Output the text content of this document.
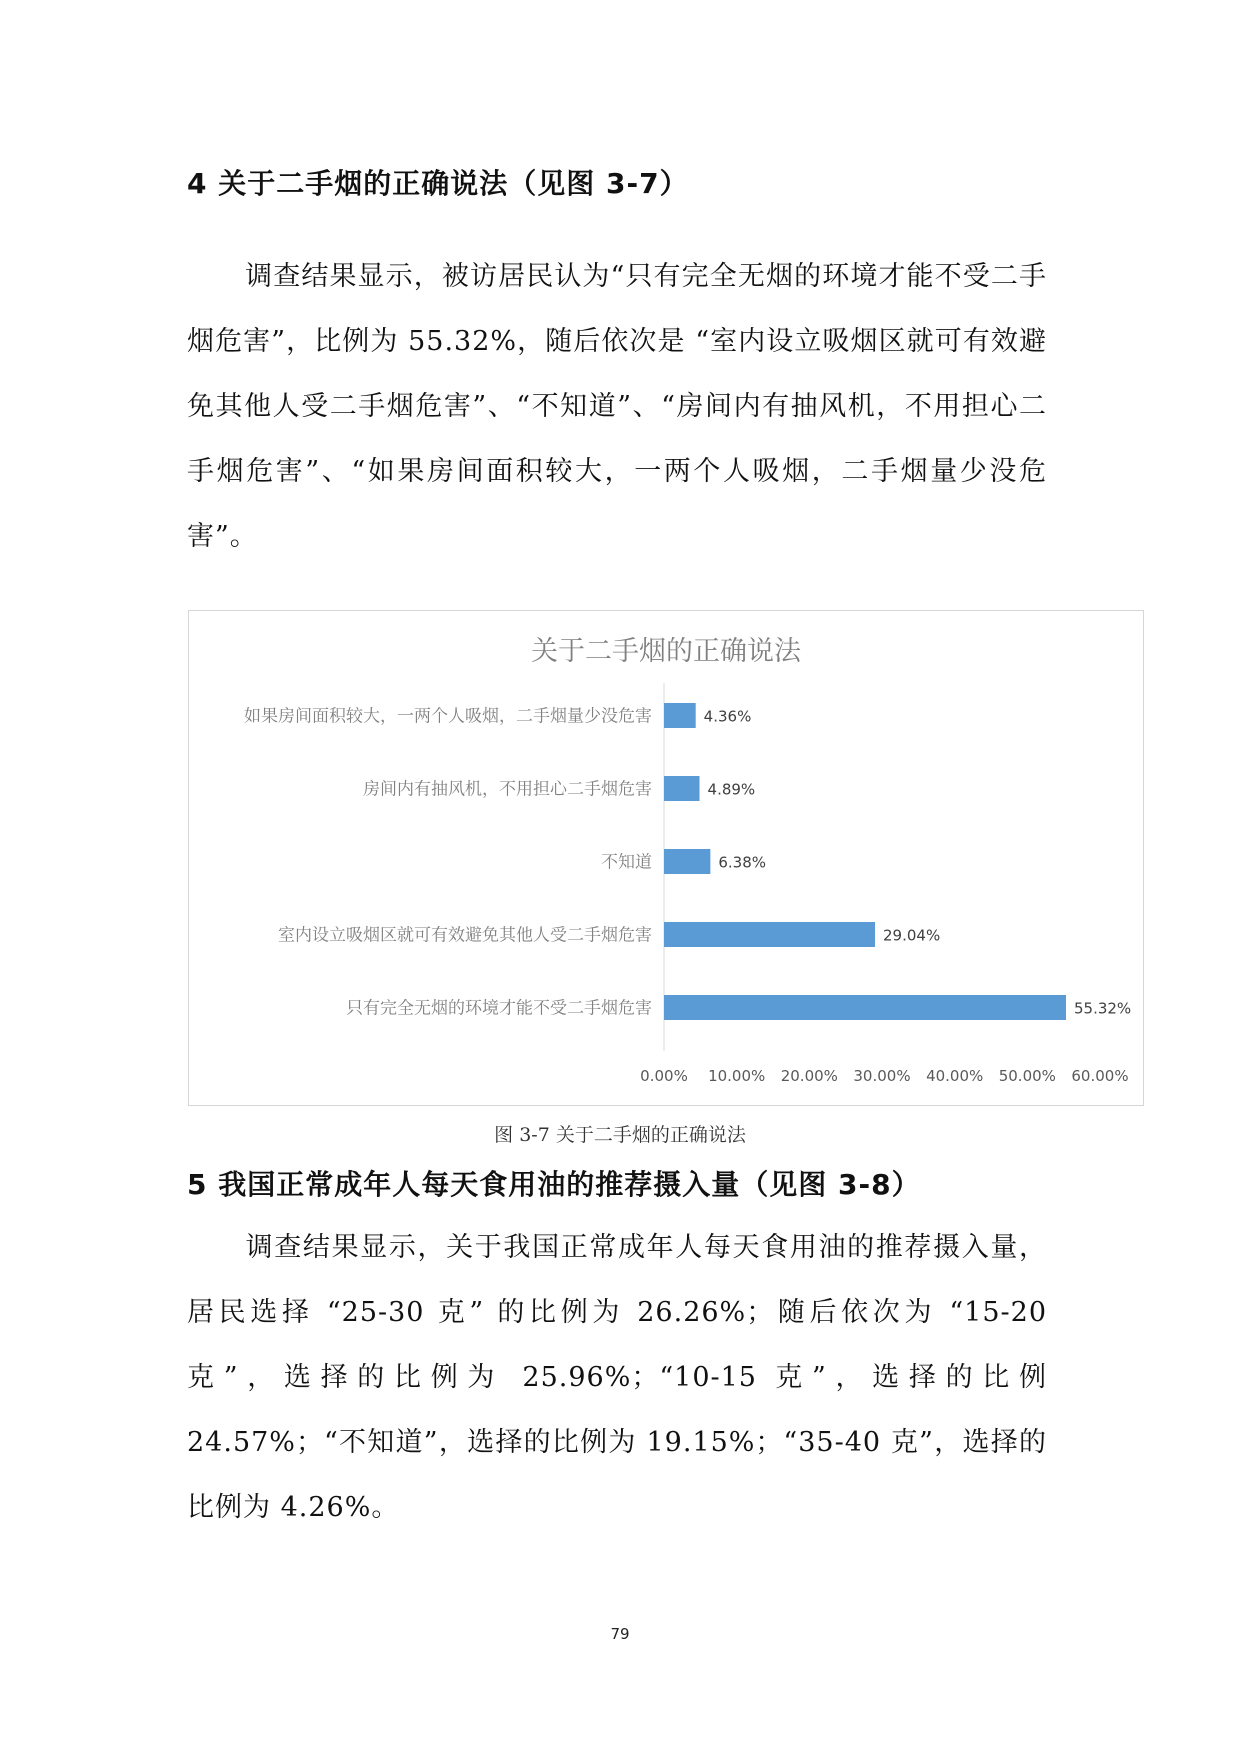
4 关于二手烟的正确说法（见图 3-7）
调查结果显示，被访居民认为“只有完全无烟的环境才能不受二手烟危害”，比例为 55.32%，随后依次是 “室内设立吸烟区就可有效避免其他人受二手烟危害”、“不知道”、“房间内有抽风机，不用担心二手烟危害”、“如果房间面积较大，一两个人吸烟，二手烟量少没危害”。
关于二手烟的正确说法
如果房间面积较大，一两个人吸烟，二手烟量少没危害	4.36%
房间内有抽风机，不用担心二手烟危害	4.89%
不知道	6.38%
室内设立吸烟区就可有效避免其他人受二手烟危害	29.04%
只有完全无烟的环境才能不受二手烟危害	55.32%
0.00% 10.00% 20.00% 30.00% 40.00% 50.00% 60.00%
图 3-7 关于二手烟的正确说法
5 我国正常成年人每天食用油的推荐摄入量（见图 3-8）
调查结果显示，关于我国正常成年人每天食用油的推荐摄入量，居民选择 “25-30 克” 的比例为 26.26%；随后依次为 “15-20 克”，选择的比例为 25.96%；“10-15 克”，选择的比例 24.57%；“不知道”，选择的比例为 19.15%；“35-40 克”，选择的比例为 4.26%。
79
